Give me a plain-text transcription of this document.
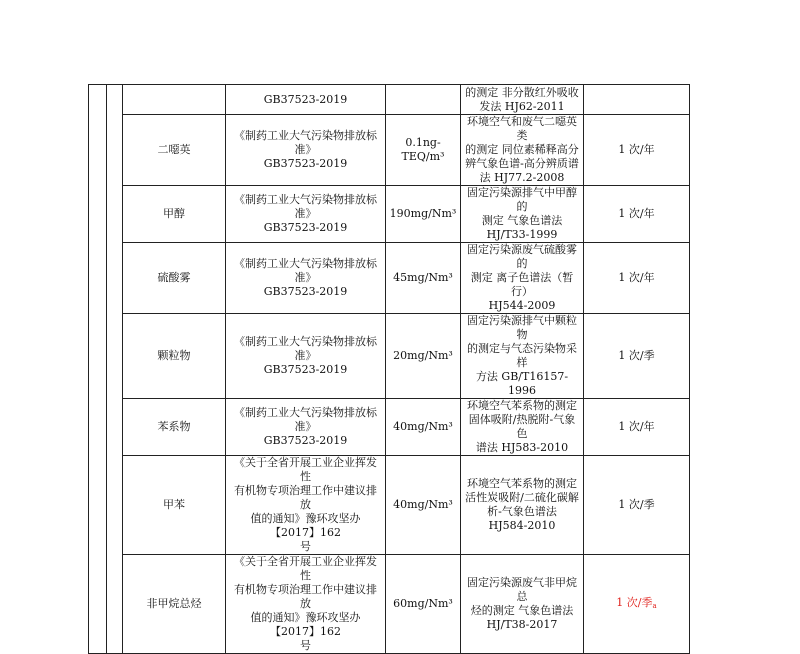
			GB37523-2019		的测定 非分散红外吸收
发法 HJ62-2011	
		二噁英	《制药工业大气污染物排放标准》
GB37523-2019	0.1ng-TEQ/m³	环境空气和废气二噁英类
的测定 同位素稀释高分
辨气象色谱-高分辨质谱
法 HJ77.2-2008	1 次/年
		甲醇	《制药工业大气污染物排放标准》
GB37523-2019	190mg/Nm³	固定污染源排气中甲醇的
测定 气象色谱法
HJ/T33-1999	1 次/年
		硫酸雾	《制药工业大气污染物排放标准》
GB37523-2019	45mg/Nm³	固定污染源废气硫酸雾的
测定 离子色谱法（暂行）
HJ544-2009	1 次/年
		颗粒物	《制药工业大气污染物排放标准》
GB37523-2019	20mg/Nm³	固定污染源排气中颗粒物
的测定与气态污染物采样
方法 GB/T16157-1996	1 次/季
		苯系物	《制药工业大气污染物排放标准》
GB37523-2019	40mg/Nm³	环境空气苯系物的测定
固体吸附/热脱附-气象色
谱法 HJ583-2010	1 次/年
		甲苯	《关于全省开展工业企业挥发性
有机物专项治理工作中建议排放
值的通知》豫环攻坚办【2017】162
号	40mg/Nm³	环境空气苯系物的测定
活性炭吸附/二硫化碳解
析-气象色谱法
HJ584-2010	1 次/季
		非甲烷总烃	《关于全省开展工业企业挥发性
有机物专项治理工作中建议排放
值的通知》豫环攻坚办【2017】162
号	60mg/Nm³	固定污染源废气非甲烷总
烃的测定 气象色谱法
HJ/T38-2017	1 次/季$_a$
